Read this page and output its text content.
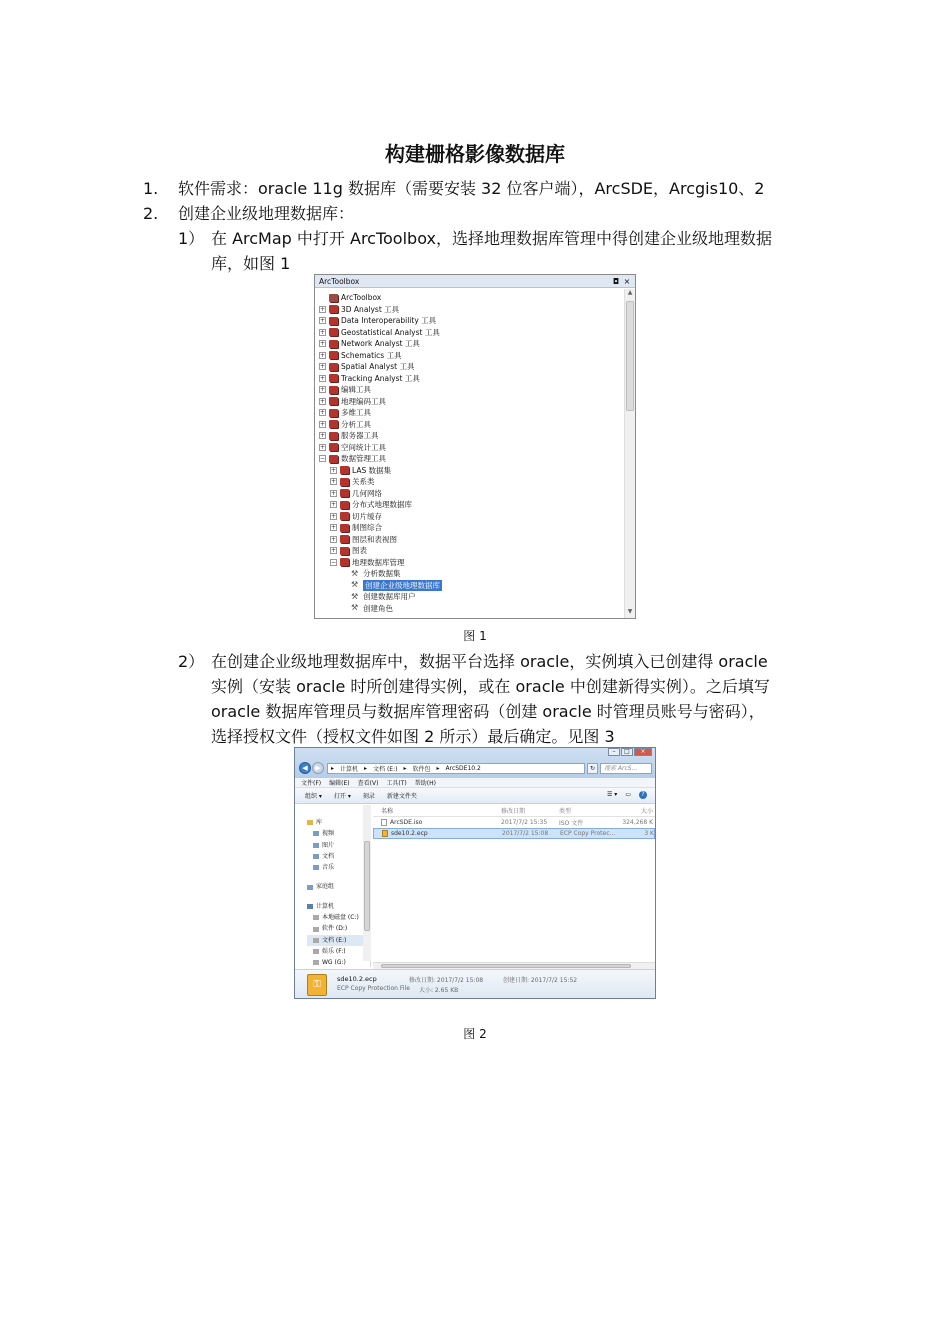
构建栅格影像数据库
1. 软件需求：oracle 11g 数据库（需要安装 32 位客户端），ArcSDE，Arcgis10、2
2. 创建企业级地理数据库：
1） 在 ArcMap 中打开 ArcToolbox，选择地理数据库管理中得创建企业级地理数据
库，如图 1
ArcToolbox	◘ ×
ArcToolbox
+ 3D Analyst 工具
+ Data Interoperability 工具
+ Geostatistical Analyst 工具
+ Network Analyst 工具
+ Schematics 工具
+ Spatial Analyst 工具
+ Tracking Analyst 工具
+ 编辑工具
+ 地理编码工具
+ 多维工具
+ 分析工具
+ 服务器工具
+ 空间统计工具
− 数据管理工具
+ LAS 数据集
+ 关系类
+ 几何网络
+ 分布式地理数据库
+ 切片缓存
+ 制图综合
+ 图层和表视图
+ 图表
− 地理数据库管理
⚒ 分析数据集
⚒ 创建企业级地理数据库
⚒ 创建数据库用户
⚒ 创建角色
▲
▼
图 1
2） 在创建企业级地理数据库中，数据平台选择 oracle，实例填入已创建得 oracle
实例（安装 oracle 时所创建得实例，或在 oracle 中创建新得实例）。之后填写
oracle 数据库管理员与数据库管理密码（创建 oracle 时管理员账号与密码），
选择授权文件（授权文件如图 2 所示）最后确定。见图 3
–	□	×
◀	▶	▸ 计算机 ▸ 文档 (E:) ▸ 软件包 ▸ ArcSDE10.2	↻	搜索 ArcS...
文件(F) 编辑(E) 查看(V) 工具(T) 帮助(H)
组织 ▾ 打开 ▾ 刻录 新建文件夹	☰ ▾ ▭	?
库
视频
图片
文档
音乐
家庭组
计算机
本地磁盘 (C:)
软件 (D:)
文档 (E:)
娱乐 (F:)
WG (G:)
名称	修改日期	类型	大小
ArcSDE.iso	2017/7/2 15:35	ISO 文件	324,268 K
sde10.2.ecp	2017/7/2 15:08	ECP Copy Protec...	3 K
⚿	sde10.2.ecp
ECP Copy Protection File
修改日期: 2017/7/2 15:08
大小: 2.65 KB
创建日期: 2017/7/2 15:52
图 2
